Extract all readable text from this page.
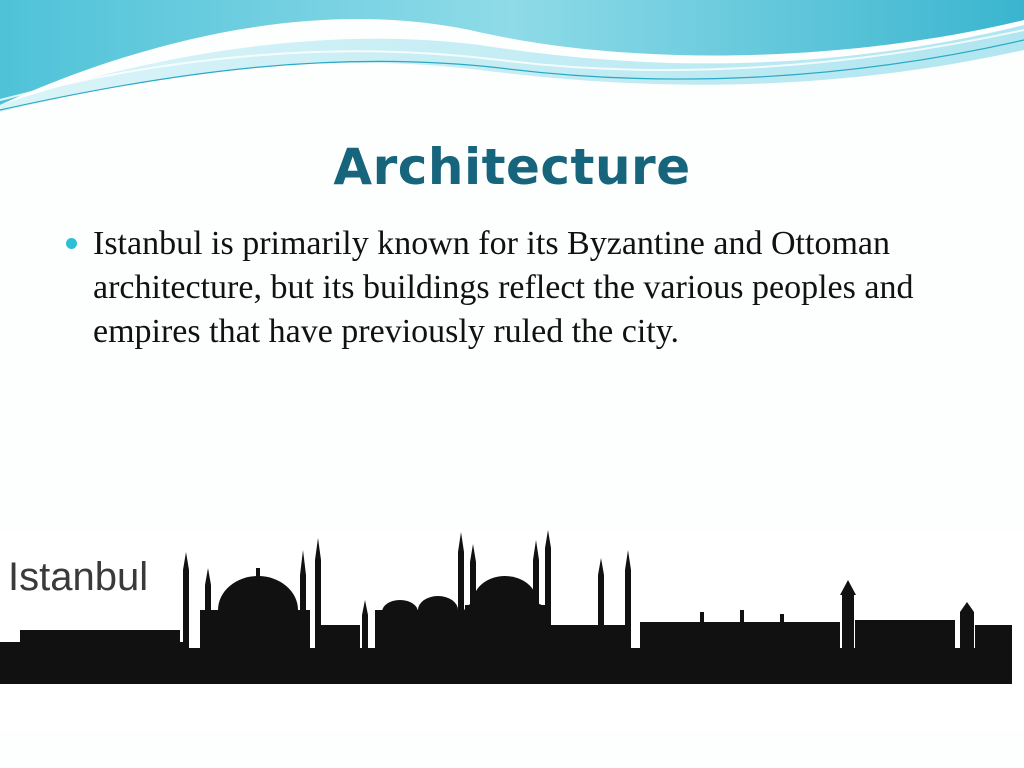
Architecture
Istanbul is primarily known for its Byzantine and Ottoman architecture, but its buildings reflect the various peoples and empires that have previously ruled the city.
Istanbul
